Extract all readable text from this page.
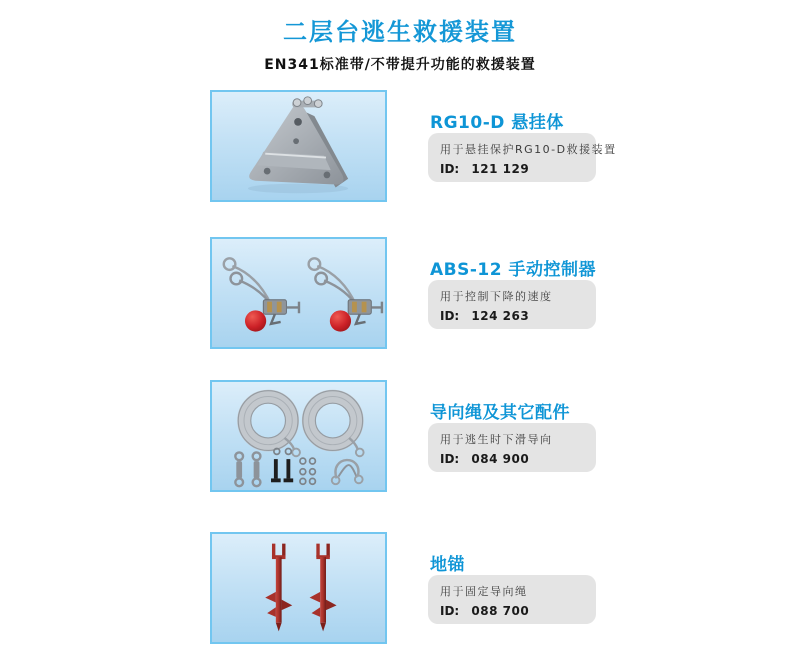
二层台逃生救援装置
EN341标准带/不带提升功能的救援装置
RG10-D 悬挂体
用于悬挂保护RG10-D救援装置
ID: 121 129
ABS-12 手动控制器
用于控制下降的速度
ID: 124 263
导向绳及其它配件
用于逃生时下滑导向
ID: 084 900
地锚
用于固定导向绳
ID: 088 700
